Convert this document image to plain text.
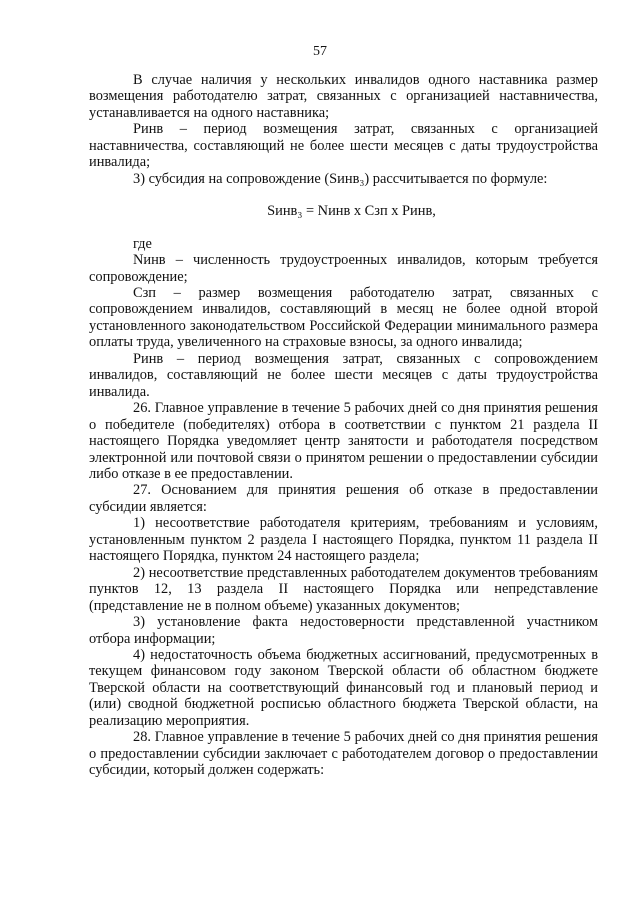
57

В случае наличия у нескольких инвалидов одного наставника размер возмещения работодателю затрат, связанных с организацией наставничества, устанавливается на одного наставника;

Ринв – период возмещения затрат, связанных с организацией наставничества, составляющий не более шести месяцев с даты трудоустройства инвалида;

3) субсидия на сопровождение (Sинв₃) рассчитывается по формуле:

Sинв₃ = Nинв х Сзп х Ринв,

где

Nинв – численность трудоустроенных инвалидов, которым требуется сопровождение;

Сзп – размер возмещения работодателю затрат, связанных с сопровождением инвалидов, составляющий в месяц не более одной второй установленного законодательством Российской Федерации минимального размера оплаты труда, увеличенного на страховые взносы, за одного инвалида;

Ринв – период возмещения затрат, связанных с сопровождением инвалидов, составляющий не более шести месяцев с даты трудоустройства инвалида.

26. Главное управление в течение 5 рабочих дней со дня принятия решения о победителе (победителях) отбора в соответствии с пунктом 21 раздела II настоящего Порядка уведомляет центр занятости и работодателя посредством электронной или почтовой связи о принятом решении о предоставлении субсидии либо отказе в ее предоставлении.

27. Основанием для принятия решения об отказе в предоставлении субсидии является:

1) несоответствие работодателя критериям, требованиям и условиям, установленным пунктом 2 раздела I настоящего Порядка, пунктом 11 раздела II настоящего Порядка, пунктом 24 настоящего раздела;

2) несоответствие представленных работодателем документов требованиям пунктов 12, 13 раздела II настоящего Порядка или непредставление (представление не в полном объеме) указанных документов;

3) установление факта недостоверности представленной участником отбора информации;

4) недостаточность объема бюджетных ассигнований, предусмотренных в текущем финансовом году законом Тверской области об областном бюджете Тверской области на соответствующий финансовый год и плановый период и (или) сводной бюджетной росписью областного бюджета Тверской области, на реализацию мероприятия.

28. Главное управление в течение 5 рабочих дней со дня принятия решения о предоставлении субсидии заключает с работодателем договор о предоставлении субсидии, который должен содержать:
